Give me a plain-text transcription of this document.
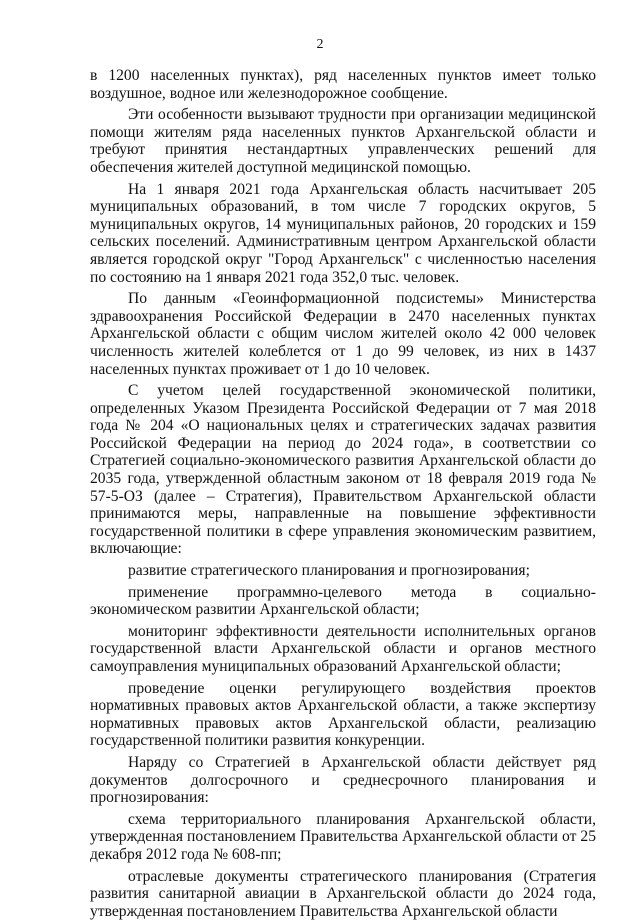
2

в 1200 населенных пунктах), ряд населенных пунктов имеет только воздушное, водное или железнодорожное сообщение.

Эти особенности вызывают трудности при организации медицинской помощи жителям ряда населенных пунктов Архангельской области и требуют принятия нестандартных управленческих решений для обеспечения жителей доступной медицинской помощью.

На 1 января 2021 года Архангельская область насчитывает 205 муниципальных образований, в том числе 7 городских округов, 5 муниципальных округов, 14 муниципальных районов, 20 городских и 159 сельских поселений. Административным центром Архангельской области является городской округ "Город Архангельск" с численностью населения по состоянию на 1 января 2021 года 352,0 тыс. человек.

По данным «Геоинформационной подсистемы» Министерства здравоохранения Российской Федерации в 2470 населенных пунктах Архангельской области с общим числом жителей около 42 000 человек численность жителей колеблется от 1 до 99 человек, из них в 1437 населенных пунктах проживает от 1 до 10 человек.

С учетом целей государственной экономической политики, определенных Указом Президента Российской Федерации от 7 мая 2018 года № 204 «О национальных целях и стратегических задачах развития Российской Федерации на период до 2024 года», в соответствии со Стратегией социально-экономического развития Архангельской области до 2035 года, утвержденной областным законом от 18 февраля 2019 года № 57-5-ОЗ (далее – Стратегия), Правительством Архангельской области принимаются меры, направленные на повышение эффективности государственной политики в сфере управления экономическим развитием, включающие:

развитие стратегического планирования и прогнозирования;

применение программно-целевого метода в социально-экономическом развитии Архангельской области;

мониторинг эффективности деятельности исполнительных органов государственной власти Архангельской области и органов местного самоуправления муниципальных образований Архангельской области;

проведение оценки регулирующего воздействия проектов нормативных правовых актов Архангельской области, а также экспертизу нормативных правовых актов Архангельской области, реализацию государственной политики развития конкуренции.

Наряду со Стратегией в Архангельской области действует ряд документов долгосрочного и среднесрочного планирования и прогнозирования:

схема территориального планирования Архангельской области, утвержденная постановлением Правительства Архангельской области от 25 декабря 2012 года № 608-пп;

отраслевые документы стратегического планирования (Стратегия развития санитарной авиации в Архангельской области до 2024 года, утвержденная постановлением Правительства Архангельской области
